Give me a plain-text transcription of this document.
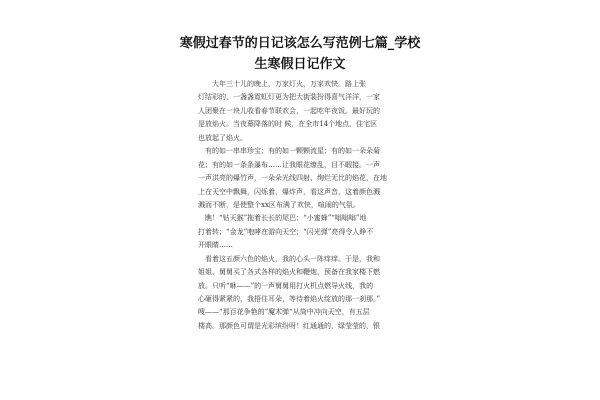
寒假过春节的日记该怎么写范例七篇_学校
生寒假日记作文
　　大年三十儿的晚上，万家灯火，万家欢快。路上张
灯结彩的，一盏盏霓虹灯更为把大街装扮得喜气洋洋，一家
人团聚在一块儿收看春节联欢会，一起吃年夜饭。最好玩的
是放焰火。当夜幕降落的时 候，在全市14个地点，住宅区
也放起了焰火。
　有的如一串串珍宝；有的如一颗颗流星；有的如一朵朵菊
花；有的如一条条瀑布……让我眼花缭乱，目不暇接。一声
一声洪亮的爆竹声，一朵朵光线四射、绚烂无比的焰花，在地
上在天空中飘舞，闪烁着，爆炸声，看这声音，这着颜色溅
溅而不断，是使整个xx区布满了欢快，喧闹的气氛。
　瞧！“钻天猴”拖着长长的尾巴；“小蜜蜂”“嗡嗡嗡”地
打着转；“金龙”咆哮在游向天空；“闪光弹”亮得令人睁不
开眼睛……
　看着这五颜六色的焰火，我的心头一阵痒痒。于是，我和
姐姐、舅舅买了各式各样的焰火和鞭炮，预备在我家楼下燃
放。只听“咻——”的一声舅舅用打火机点燃导火线，我的
心砸得紧紧的，我捂住耳朵，等待着焰火绽放的那一刹那。”
嗖——“那百花争艳的”魔术弹“从筒中冲向天空，有五层
楼高。那颜色可谓是光彩缤纷呀！红通通的，绿莹莹的，银
